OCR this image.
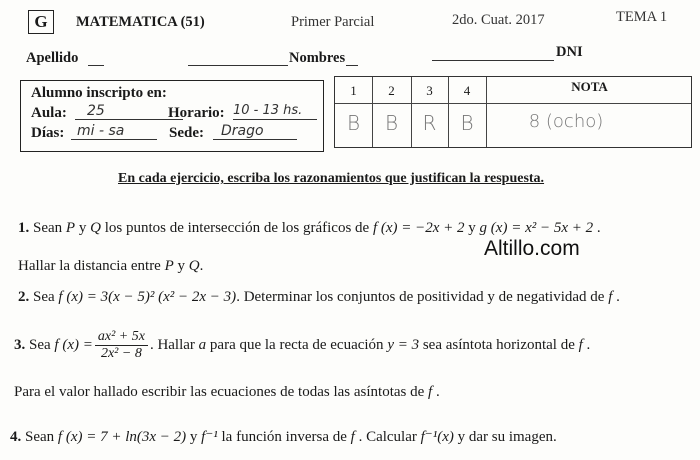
G	MATEMATICA (51)	Primer Parcial	2do. Cuat. 2017	TEMA 1
Apellido	Nombres	DNI
Alumno inscripto en:
Aula: 25	Horario: 10 - 13 hs.
Días: mi - sa	Sede: Drago
1	2	3	4	NOTA
B	B	R	B	8 (ocho)
En cada ejercicio, escriba los razonamientos que justifican la respuesta.
1. Sean P y Q los puntos de intersección de los gráficos de f (x) = −2x + 2 y g (x) = x² − 5x + 2 .
Hallar la distancia entre P y Q.
Altillo.com
2. Sea f (x) = 3(x − 5)² (x² − 2x − 3). Determinar los conjuntos de positividad y de negatividad de f .
3. Sea f $(x) = \frac{\text{ax² + 5x}}{\text{2x² − 8}}$ . Hallar a para que la recta de ecuación y = 3 sea asíntota horizontal de f .
Para el valor hallado escribir las ecuaciones de todas las asíntotas de f .
4. Sean f (x) = 7 + ln(3x − 2) y f⁻¹ la función inversa de f . Calcular f⁻¹(x) y dar su imagen.
